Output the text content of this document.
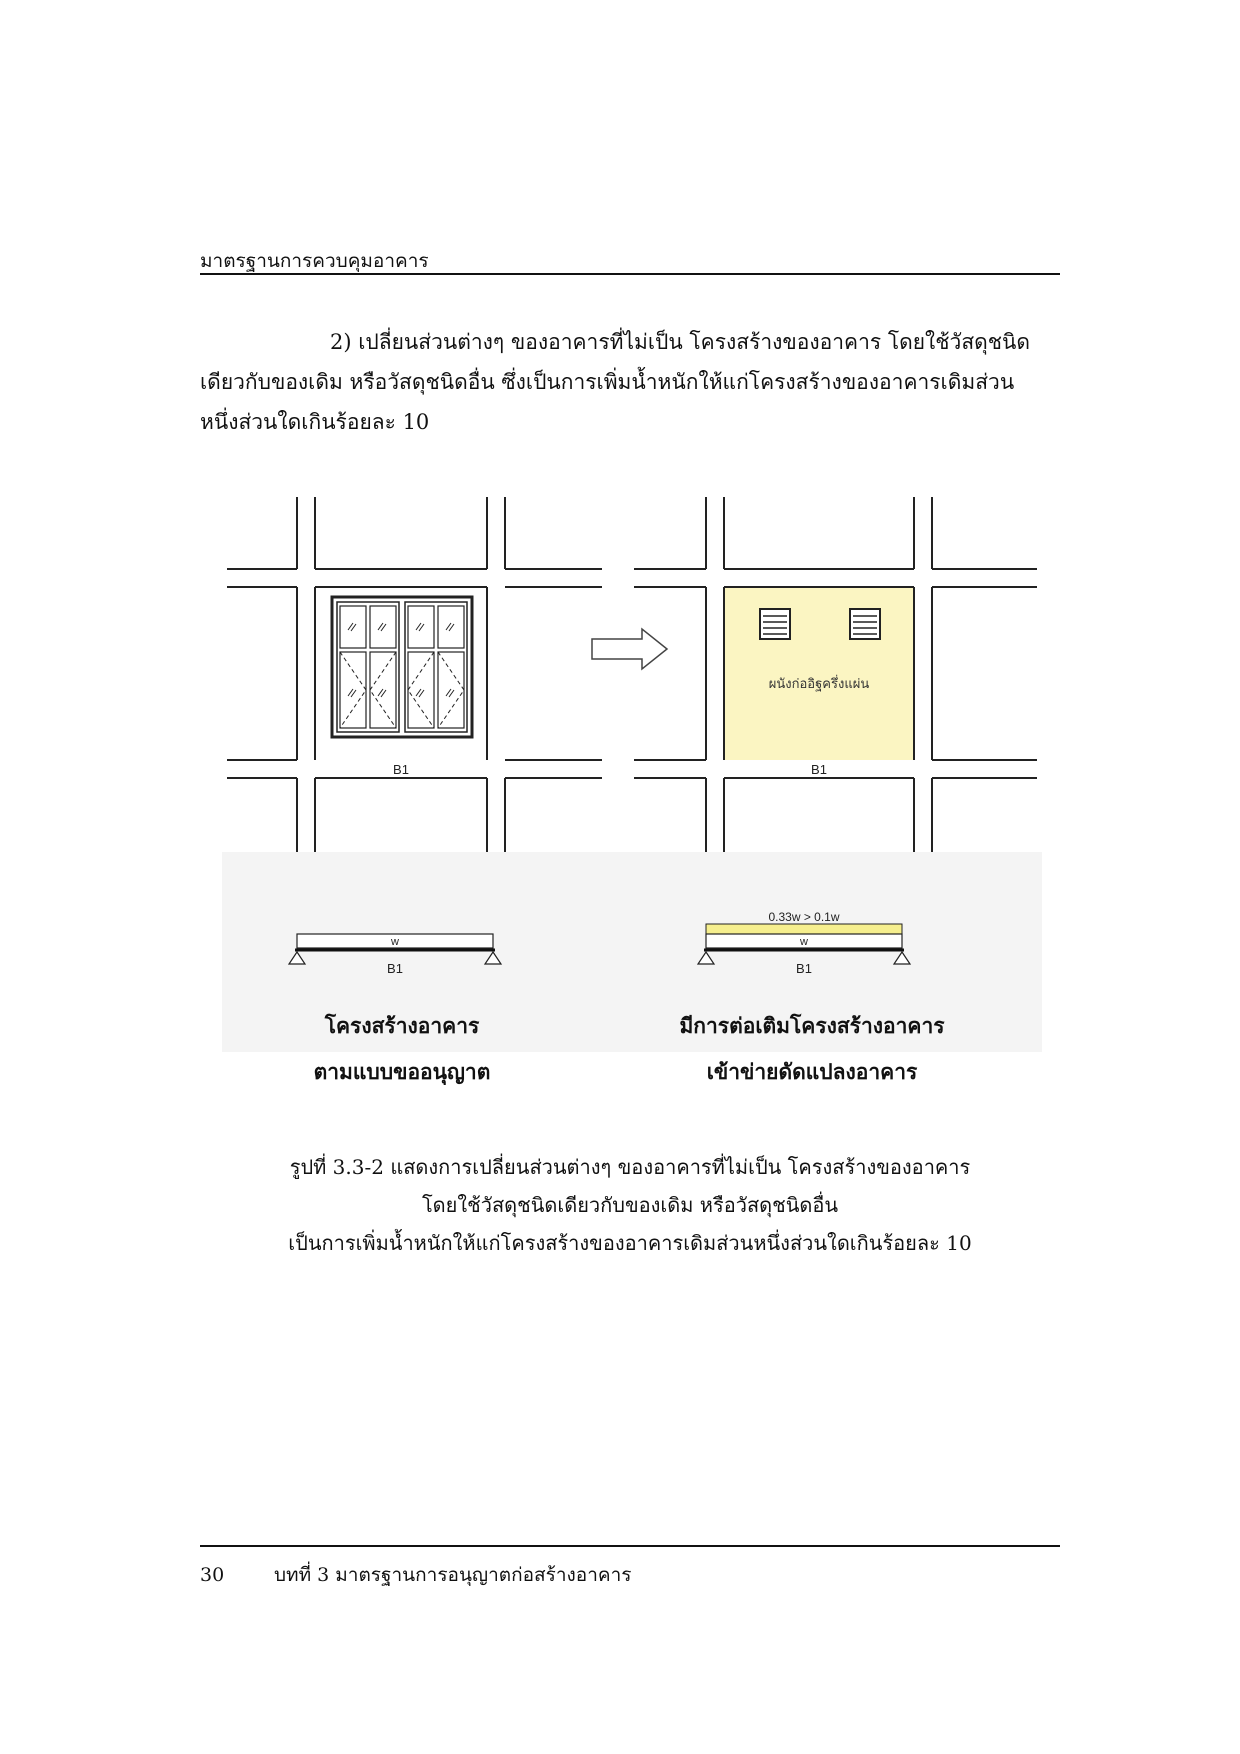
มาตรฐานการควบคุมอาคาร
2) เปลี่ยนส่วนต่างๆ ของอาคารที่ไม่เป็น โครงสร้างของอาคาร โดยใช้วัสดุชนิด
เดียวกับของเดิม หรือวัสดุชนิดอื่น ซึ่งเป็นการเพิ่มน้ำหนักให้แก่โครงสร้างของอาคารเดิมส่วน
หนึ่งส่วนใดเกินร้อยละ 10
B1
ผนังก่ออิฐครึ่งแผ่น
B1
w
B1
0.33w > 0.1w
w
B1
โครงสร้างอาคาร
ตามแบบขออนุญาต
มีการต่อเติมโครงสร้างอาคาร
เข้าข่ายดัดแปลงอาคาร
รูปที่ 3.3-2 แสดงการเปลี่ยนส่วนต่างๆ ของอาคารที่ไม่เป็น โครงสร้างของอาคาร
โดยใช้วัสดุชนิดเดียวกับของเดิม หรือวัสดุชนิดอื่น
เป็นการเพิ่มน้ำหนักให้แก่โครงสร้างของอาคารเดิมส่วนหนึ่งส่วนใดเกินร้อยละ 10
30	บทที่ 3 มาตรฐานการอนุญาตก่อสร้างอาคาร
